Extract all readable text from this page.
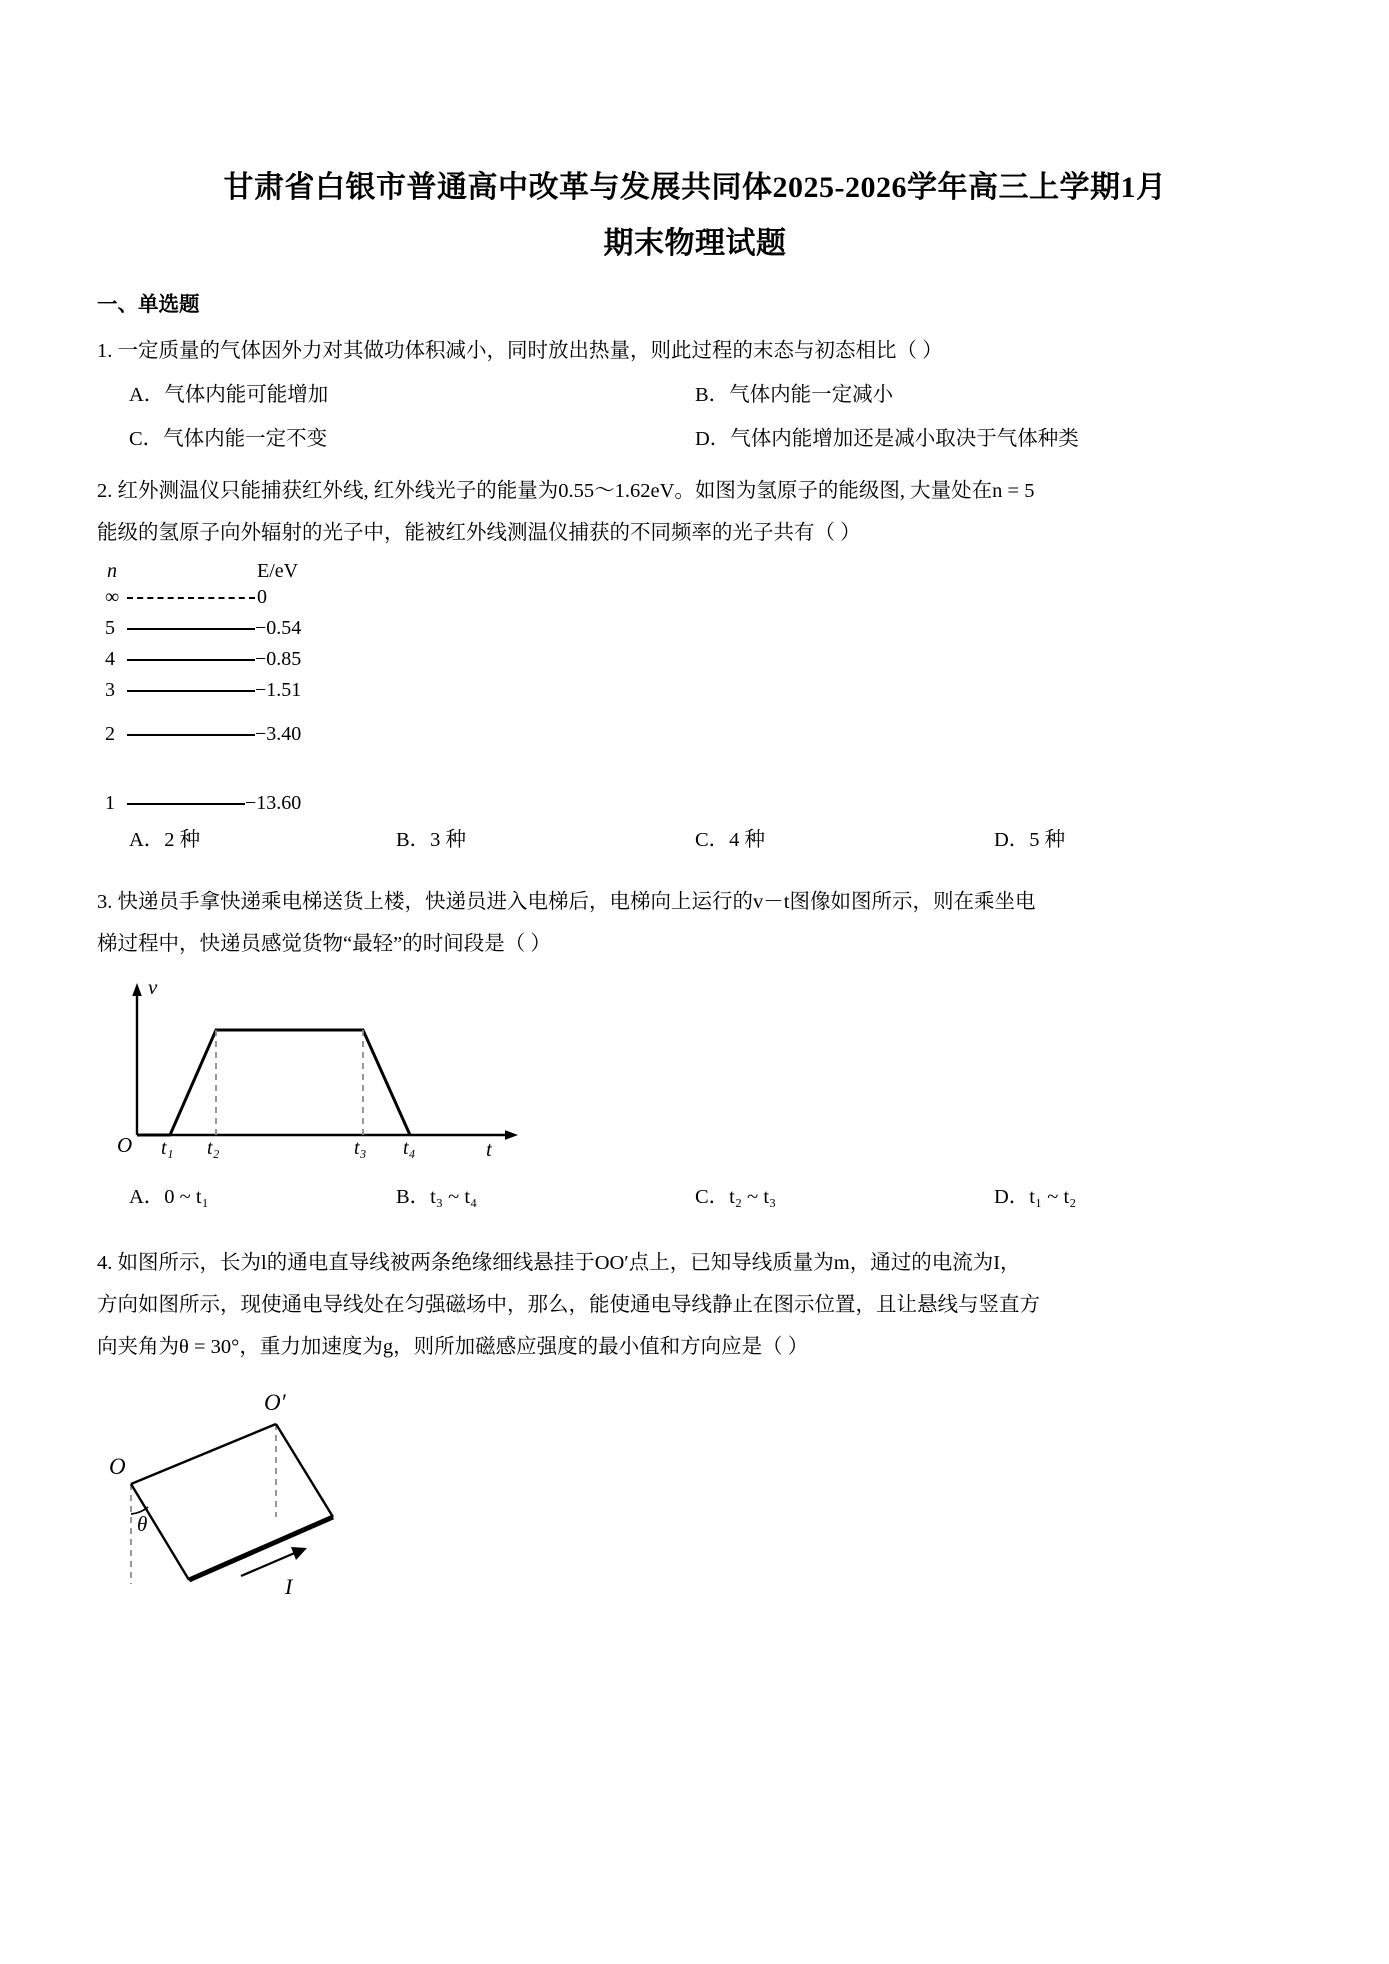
甘肃省白银市普通高中改革与发展共同体2025-2026学年高三上学期1月
期末物理试题
一、单选题
1. 一定质量的气体因外力对其做功体积减小，同时放出热量，则此过程的末态与初态相比（ ）
A．气体内能可能增加	B．气体内能一定减小
C．气体内能一定不变	D．气体内能增加还是减小取决于气体种类
2. 红外测温仪只能捕获红外线, 红外线光子的能量为0.55～1.62eV。如图为氢原子的能级图, 大量处在n = 5
能级的氢原子向外辐射的光子中，能被红外线测温仪捕获的不同频率的光子共有（ ）
n	E/eV
∞	0
5	−0.54
4	−0.85
3	−1.51
2	−3.40
1	−13.60
A．2 种	B．3 种	C．4 种	D．5 种
3. 快递员手拿快递乘电梯送货上楼，快递员进入电梯后，电梯向上运行的v－t图像如图所示，则在乘坐电
梯过程中，快递员感觉货物“最轻”的时间段是（ ）
v
O t₁ t₂	t₃ t₄	t
A．0 ~ t₁	B．t₃ ~ t₄	C．t₂ ~ t₃	D．t₁ ~ t₂
4. 如图所示，长为l的通电直导线被两条绝缘细线悬挂于OO′点上，已知导线质量为m，通过的电流为I，
方向如图所示，现使通电导线处在匀强磁场中，那么，能使通电导线静止在图示位置，且让悬线与竖直方
向夹角为θ = 30°，重力加速度为g，则所加磁感应强度的最小值和方向应是（ ）
O
O′
θ
I
